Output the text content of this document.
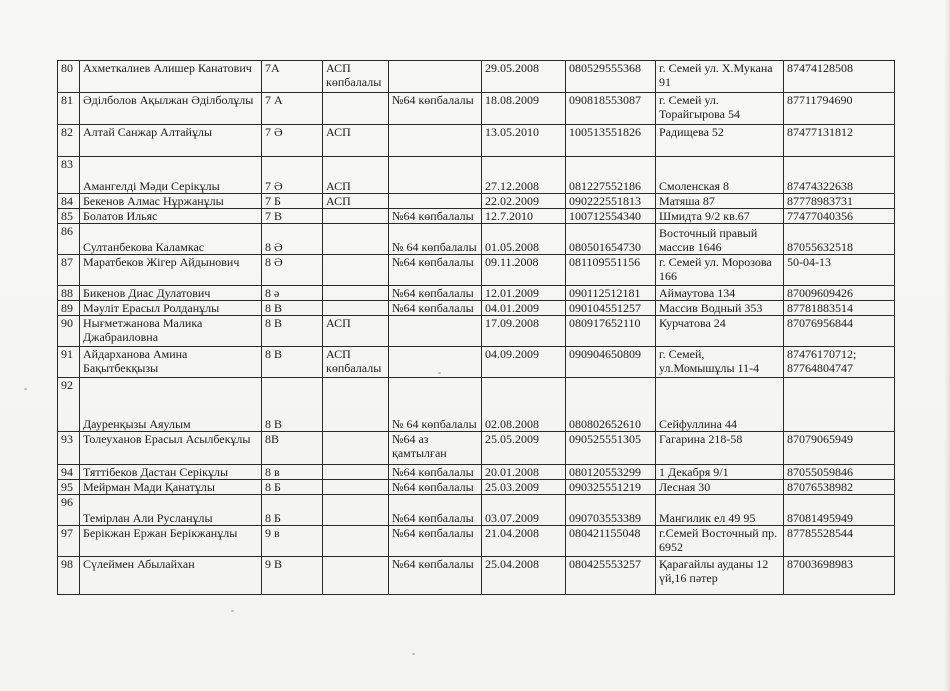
80	Ахметкалиев Алишер Канатович	7А	АСП көпбалалы		29.05.2008	080529555368	г. Семей ул. Х.Мукана 91	87474128508
81	Әділболов Ақылжан Әділболұлы	7 А		№64 көпбалалы	18.08.2009	090818553087	г. Семей ул. Торайгырова 54	87711794690
82	Алтай Санжар Алтайұлы	7 Ә	АСП		13.05.2010	100513551826	Радищева 52	87477131812
83	Амангелді Мәди Серікұлы	7 Ә	АСП		27.12.2008	081227552186	Смоленская 8	87474322638
84	Бекенов Алмас Нұржанұлы	7 Б	АСП		22.02.2009	090222551813	Матяша 87	87778983731
85	Болатов Ильяс	7 В		№64 көпбалалы	12.7.2010	100712554340	Шмидта 9/2 кв.67	77477040356
86	Султанбекова Каламкас	8 Ә		№ 64 көпбалалы	01.05.2008	080501654730	Восточный правый массив 1646	87055632518
87	Маратбеков Жігер Айдынович	8 Ә		№64 көпбалалы	09.11.2008	081109551156	г. Семей ул. Морозова 166	50-04-13
88	Бикенов Диас Дулатович	8 ә		№64 көпбалалы	12.01.2009	090112512181	Аймаутова 134	87009609426
89	Мәулiт Ерасыл Ролданұлы	8 В		№64 көпбалалы	04.01.2009	090104551257	Массив Водный 353	87781883514
90	Нығметжанова Малика Джабраиловна	8 В	АСП		17.09.2008	080917652110	Курчатова 24	87076956844
91	Айдарханова Амина Бақытбекқызы	8 В	АСП көпбалалы		04.09.2009	090904650809	г. Семей, ул.Момышұлы 11-4	87476170712; 87764804747
92	Дауренқызы Аяулым	8 В		№ 64 көпбалалы	02.08.2008	080802652610	Сейфуллина 44	
93	Толеуханов Ерасыл Асылбекұлы	8В		№64 аз қамтылған	25.05.2009	090525551305	Гагарина 218-58	87079065949
94	Тяттібеков Дастан Серікұлы	8 в		№64 көпбалалы	20.01.2008	080120553299	1 Декабря 9/1	87055059846
95	Мейрман Мади Қанатұлы	8 Б		№64 көпбалалы	25.03.2009	090325551219	Лесная 30	87076538982
96	Темірлан Али Русланұлы	8 Б		№64 көпбалалы	03.07.2009	090703553389	Мангилик ел 49 95	87081495949
97	Берікжан Ержан Берікжанұлы	9 в		№64 көпбалалы	21.04.2008	080421155048	г.Семей Восточный пр. 6952	87785528544
98	Сүлеймен Абылайхан	9 В		№64 көпбалалы	25.04.2008	080425553257	Қарағайлы ауданы 12 үй,16 пәтер	87003698983
